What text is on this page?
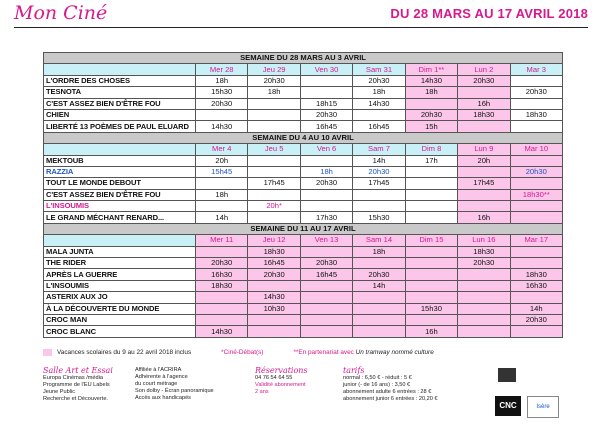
Mon Ciné	DU 28 MARS AU 17 AVRIL 2018
SEMAINE DU 28 MARS AU 3 AVRIL							
	Mer 28	Jeu 29	Ven 30	Sam 31	Dim 1**	Lun 2	Mar 3
L'ORDRE DES CHOSES	18h	20h30		20h30	14h30	20h30	
TESNOTA	15h30	18h		18h	18h		20h30
C'EST ASSEZ BIEN D'ÊTRE FOU	20h30		18h15	14h30		16h	
CHIEN			20h30		20h30	18h30	18h30
LIBERTÉ 13 POÈMES DE PAUL ELUARD	14h30		16h45	16h45	15h		
SEMAINE DU 4 AU 10 AVRIL							
	Mer 4	Jeu 5	Ven 6	Sam 7	Dim 8	Lun 9	Mar 10
MEKTOUB	20h			14h	17h	20h	
RAZZIA	15h45		18h	20h30			20h30
TOUT LE MONDE DEBOUT		17h45	20h30	17h45		17h45	
C'EST ASSEZ BIEN D'ÊTRE FOU	18h						18h30**
L'INSOUMIS		20h*					
LE GRAND MÉCHANT RENARD...	14h		17h30	15h30		16h	
SEMAINE DU 11 AU 17 AVRIL							
	Mer 11	Jeu 12	Ven 13	Sam 14	Dim 15	Lun 16	Mar 17
MALA JUNTA		18h30		18h		18h30	
THE RIDER	20h30	16h45	20h30			20h30	
APRÈS LA GUERRE	16h30	20h30	16h45	20h30			18h30
L'INSOUMIS	18h30			14h			16h30
ASTERIX AUX JO		14h30					
À LA DÉCOUVERTE DU MONDE		10h30			15h30		14h
CROC MAN							20h30
CROC BLANC	14h30				16h		
Vacances scolaires du 9 au 22 avril 2018 inclus	*Ciné-Débat(s)	**En partenariat avec Un tramway nommé culture
Salle Art et Essai
Europa Cinémas /média
Programme de l'EU Labels
Jeune Public
Recherche et Découverte.
Affiliée à l'ACRIRA
Adhérente à l'agence
du court métrage
Son dolby - Écran panoramique
Accès aux handicapés
Réservations
04 76 54 64 55
Validité abonnement
2 ans
tarifs
normal : 6,50 € - réduit : 5 €
junior (- de 16 ans) : 3,50 €
abonnement adulte 6 entrées : 28 €
abonnement junior 6 entrées : 20,20 €
CNC	Isère
